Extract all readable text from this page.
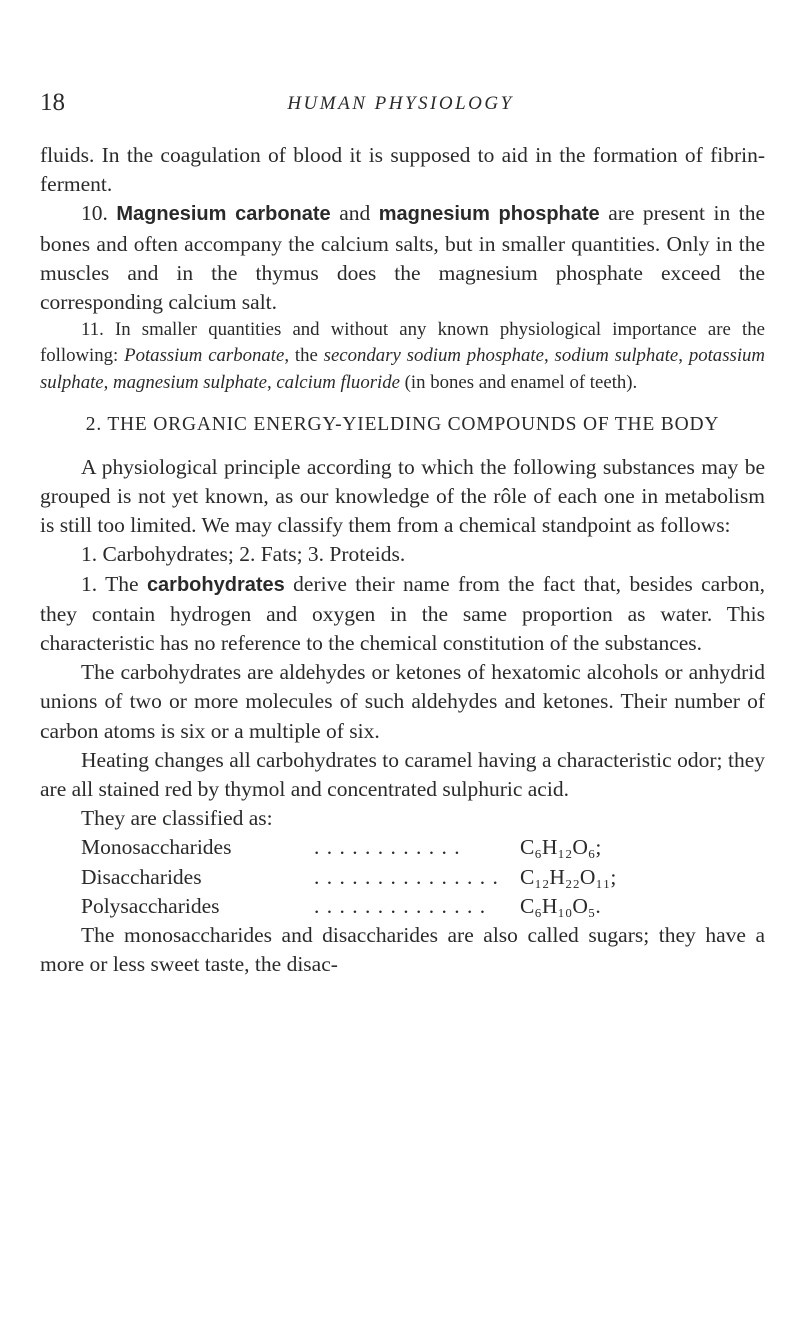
18	HUMAN PHYSIOLOGY

fluids. In the coagulation of blood it is supposed to aid in the formation of fibrin-ferment.

10. Magnesium carbonate and magnesium phosphate are present in the bones and often accompany the calcium salts, but in smaller quantities. Only in the muscles and in the thymus does the magnesium phosphate exceed the corresponding calcium salt.

11. In smaller quantities and without any known physiological importance are the following: Potassium carbonate, the secondary sodium phosphate, sodium sulphate, potassium sulphate, magnesium sulphate, calcium fluoride (in bones and enamel of teeth).

2. THE ORGANIC ENERGY-YIELDING COMPOUNDS OF THE BODY

A physiological principle according to which the following substances may be grouped is not yet known, as our knowledge of the rôle of each one in metabolism is still too limited. We may classify them from a chemical standpoint as follows:

1. Carbohydrates; 2. Fats; 3. Proteids.

1. The carbohydrates derive their name from the fact that, besides carbon, they contain hydrogen and oxygen in the same proportion as water. This characteristic has no reference to the chemical constitution of the substances.

The carbohydrates are aldehydes or ketones of hexatomic alcohols or anhydrid unions of two or more molecules of such aldehydes and ketones. Their number of carbon atoms is six or a multiple of six.

Heating changes all carbohydrates to caramel having a characteristic odor; they are all stained red by thymol and concentrated sulphuric acid.

They are classified as:

Monosaccharides	. . . . . . . . . . . .	C₆H₁₂O₆;
Disaccharides	. . . . . . . . . . . . . . . C₁₂H₂₂O₁₁;
Polysaccharides	. . . . . . . . . . . . . . C₆H₁₀O₅.

The monosaccharides and disaccharides are also called sugars; they have a more or less sweet taste, the disac-
